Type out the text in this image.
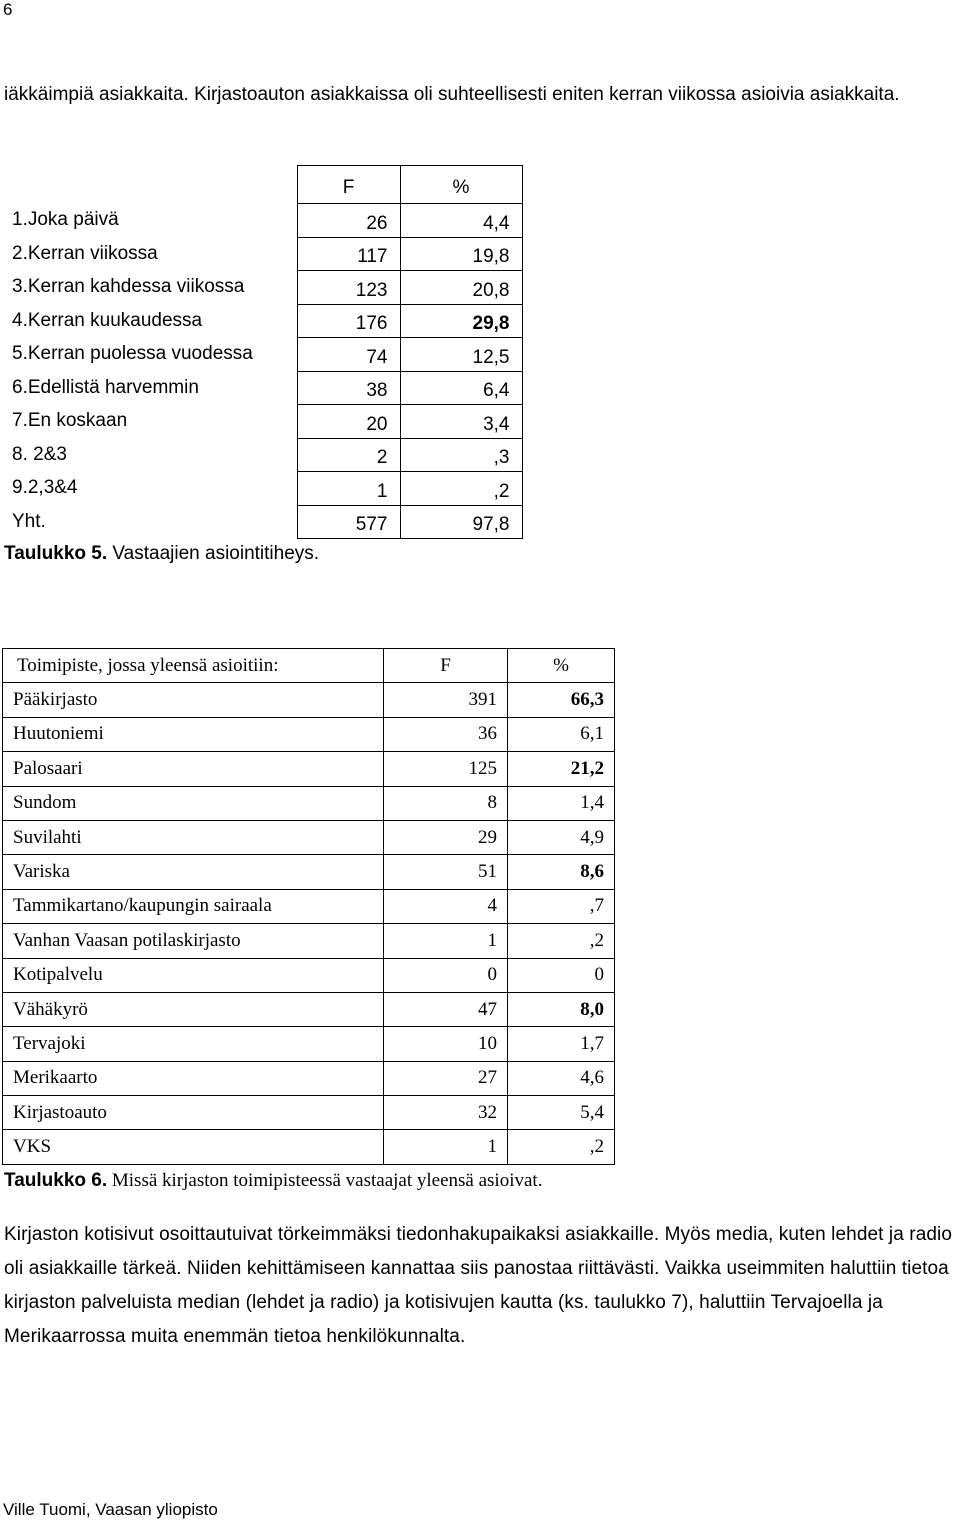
6
iäkkäimpiä asiakkaita. Kirjastoauton asiakkaissa oli suhteellisesti eniten kerran viikossa asioivia asiakkaita.
	F	%
1.Joka päivä	26	4,4
2.Kerran viikossa	117	19,8
3.Kerran kahdessa viikossa	123	20,8
4.Kerran kuukaudessa	176	29,8
5.Kerran puolessa vuodessa	74	12,5
6.Edellistä harvemmin	38	6,4
7.En koskaan	20	3,4
8. 2&3	2	,3
9.2,3&4	1	,2
Yht.	577	97,8
Taulukko 5. Vastaajien asiointitiheys.
Toimipiste, jossa yleensä asioitiin:	F	%
Pääkirjasto	391	66,3
Huutoniemi	36	6,1
Palosaari	125	21,2
Sundom	8	1,4
Suvilahti	29	4,9
Variska	51	8,6
Tammikartano/kaupungin sairaala	4	,7
Vanhan Vaasan potilaskirjasto	1	,2
Kotipalvelu	0	0
Vähäkyrö	47	8,0
Tervajoki	10	1,7
Merikaarto	27	4,6
Kirjastoauto	32	5,4
VKS	1	,2
Taulukko 6. Missä kirjaston toimipisteessä vastaajat yleensä asioivat.
Kirjaston kotisivut osoittautuivat törkeimmäksi tiedonhakupaikaksi asiakkaille. Myös media, kuten lehdet ja radio oli asiakkaille tärkeä. Niiden kehittämiseen kannattaa siis panostaa riittävästi. Vaikka useimmiten haluttiin tietoa kirjaston palveluista median (lehdet ja radio) ja kotisivujen kautta (ks. taulukko 7), haluttiin Tervajoella ja Merikaarrossa muita enemmän tietoa henkilökunnalta.
Ville Tuomi, Vaasan yliopisto
